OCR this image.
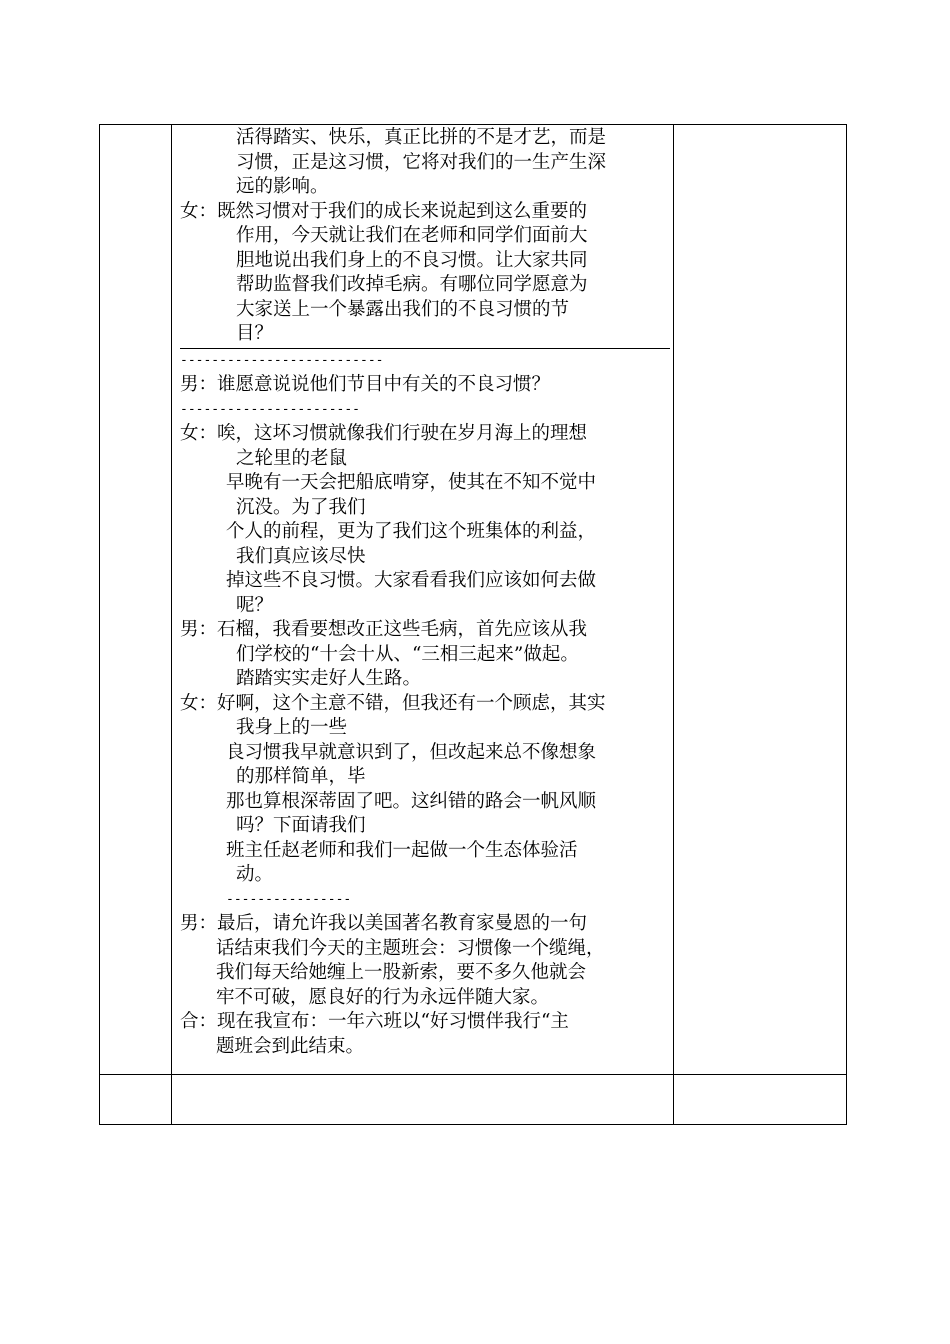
活得踏实、快乐，真正比拼的不是才艺，而是
习惯，正是这习惯，它将对我们的一生产生深
远的影响。
女：既然习惯对于我们的成长来说起到这么重要的
作用，今天就让我们在老师和同学们面前大
胆地说出我们身上的不良习惯。让大家共同
帮助监督我们改掉毛病。有哪位同学愿意为
大家送上一个暴露出我们的不良习惯的节
目？
--------------------------
男：谁愿意说说他们节目中有关的不良习惯？
-----------------------
女：唉，这坏习惯就像我们行驶在岁月海上的理想
之轮里的老鼠
早晚有一天会把船底啃穿，使其在不知不觉中
沉没。为了我们
个人的前程，更为了我们这个班集体的利益，
我们真应该尽快
掉这些不良习惯。大家看看我们应该如何去做
呢？
男：石榴，我看要想改正这些毛病，首先应该从我
们学校的“十会十从、“三相三起来”做起。
踏踏实实走好人生路。
女：好啊，这个主意不错，但我还有一个顾虑，其实
我身上的一些
良习惯我早就意识到了，但改起来总不像想象
的那样简单，毕
那也算根深蒂固了吧。这纠错的路会一帆风顺
吗？下面请我们
班主任赵老师和我们一起做一个生态体验活
动。
----------------
男：最后，请允许我以美国著名教育家曼恩的一句
话结束我们今天的主题班会：习惯像一个缆绳，
我们每天给她缠上一股新索，要不多久他就会
牢不可破，愿良好的行为永远伴随大家。
合：现在我宣布：一年六班以“好习惯伴我行“主
题班会到此结束。
